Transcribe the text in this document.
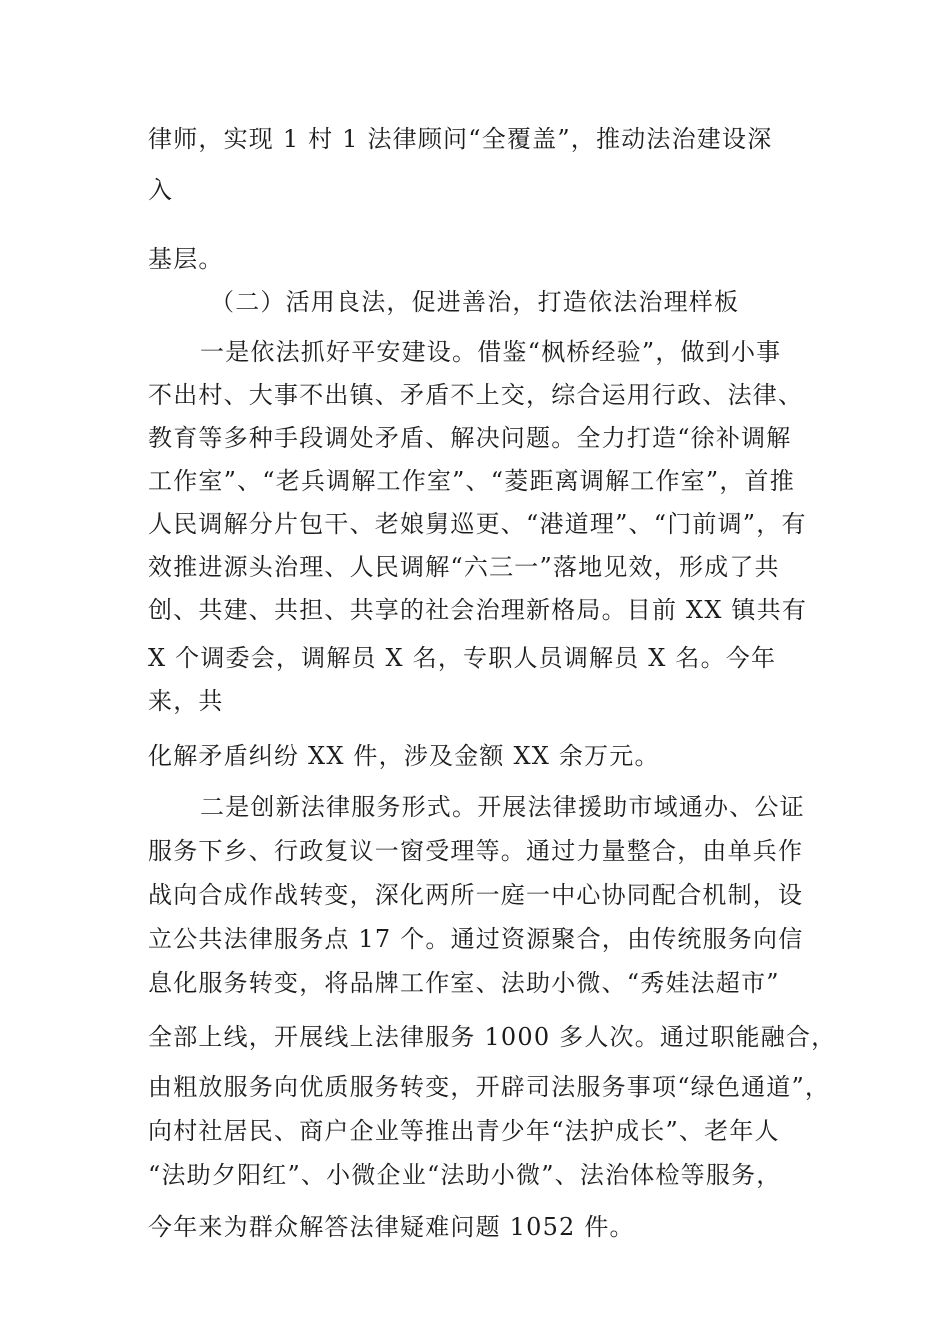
律师，实现 1 村 1 法律顾问“全覆盖”，推动法治建设深
入
基层。
（二）活用良法，促进善治，打造依法治理样板
一是依法抓好平安建设。借鉴“枫桥经验”，做到小事
不出村、大事不出镇、矛盾不上交，综合运用行政、法律、
教育等多种手段调处矛盾、解决问题。全力打造“徐补调解
工作室”、“老兵调解工作室”、“菱距离调解工作室”，首推
人民调解分片包干、老娘舅巡更、“港道理”、“门前调”，有
效推进源头治理、人民调解“六三一”落地见效，形成了共
创、共建、共担、共享的社会治理新格局。目前 XX 镇共有
X 个调委会，调解员 X 名，专职人员调解员 X 名。今年
来，共
化解矛盾纠纷 XX 件，涉及金额 XX 余万元。
二是创新法律服务形式。开展法律援助市域通办、公证
服务下乡、行政复议一窗受理等。通过力量整合，由单兵作
战向合成作战转变，深化两所一庭一中心协同配合机制，设
立公共法律服务点 17 个。通过资源聚合，由传统服务向信
息化服务转变，将品牌工作室、法助小微、“秀娃法超市”
全部上线，开展线上法律服务 1000 多人次。通过职能融合，
由粗放服务向优质服务转变，开辟司法服务事项“绿色通道”，
向村社居民、商户企业等推出青少年“法护成长”、老年人
“法助夕阳红”、小微企业“法助小微”、法治体检等服务，
今年来为群众解答法律疑难问题 1052 件。
